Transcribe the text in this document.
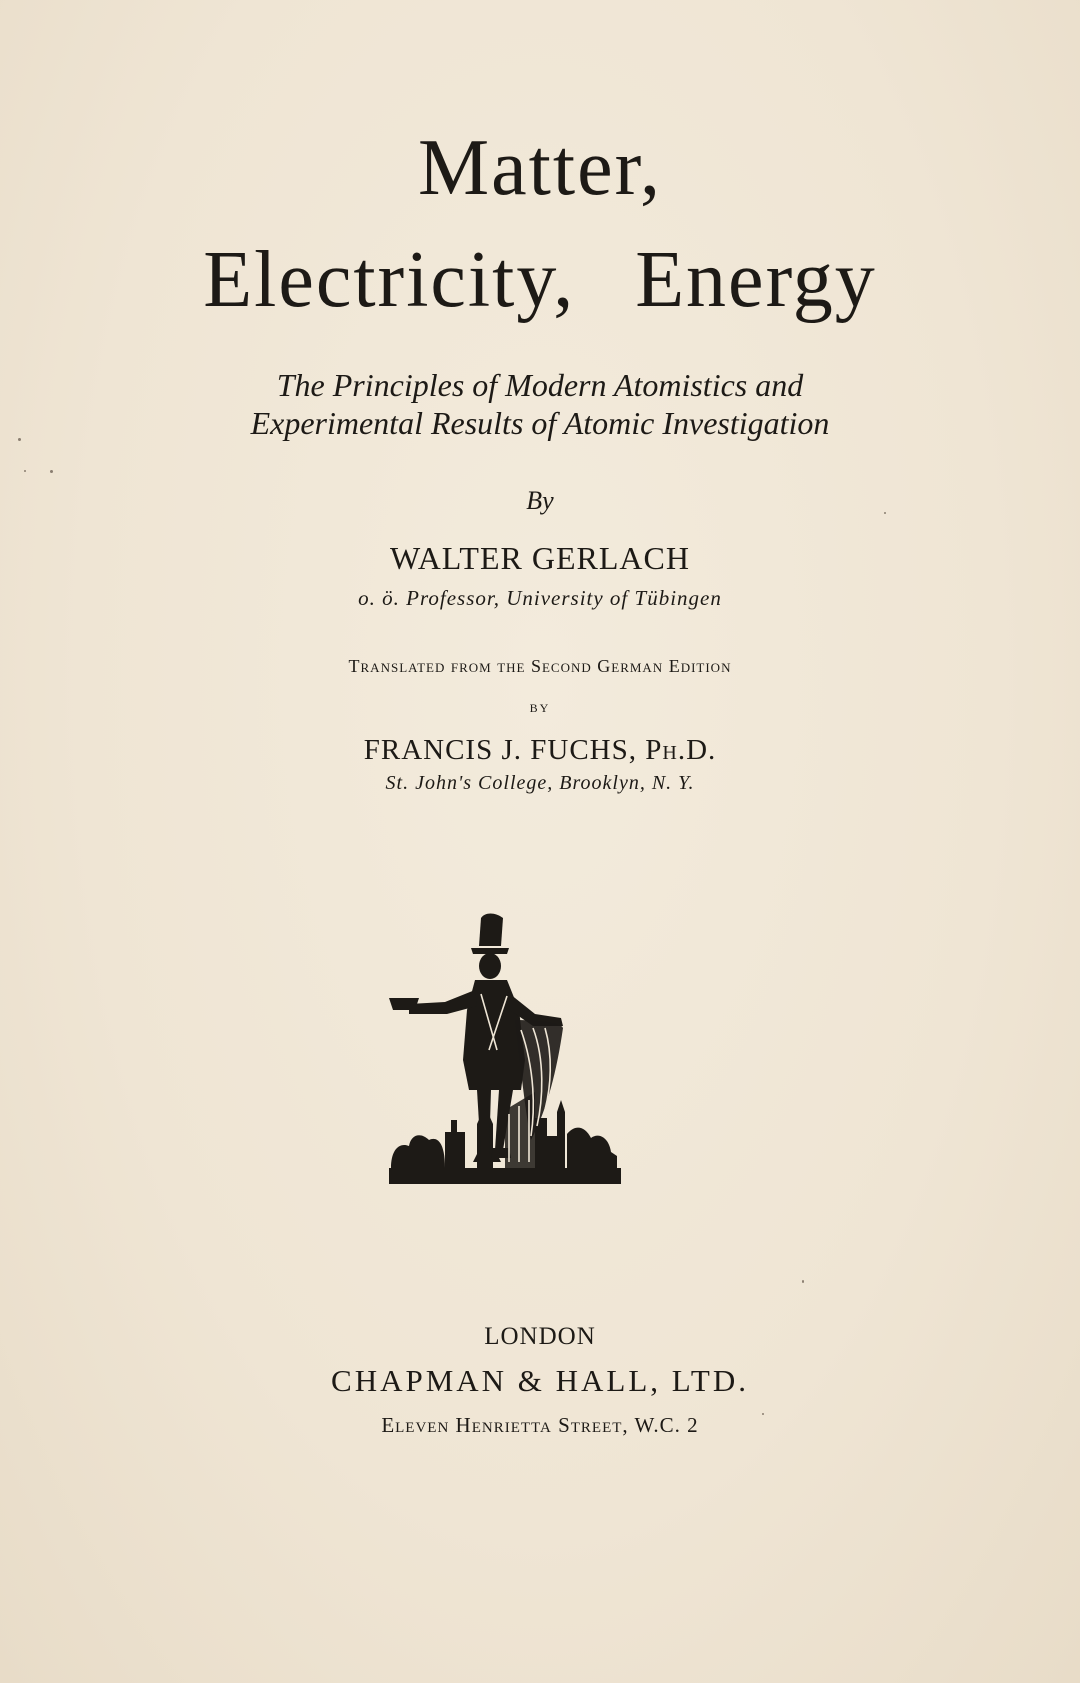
Matter,
Electricity, Energy
The Principles of Modern Atomistics and
Experimental Results of Atomic Investigation
By
WALTER GERLACH
o. ö. Professor, University of Tübingen
Translated from the Second German Edition
BY
FRANCIS J. FUCHS, Ph.D.
St. John's College, Brooklyn, N. Y.
LONDON
CHAPMAN & HALL, LTD.
Eleven Henrietta Street, W.C. 2
